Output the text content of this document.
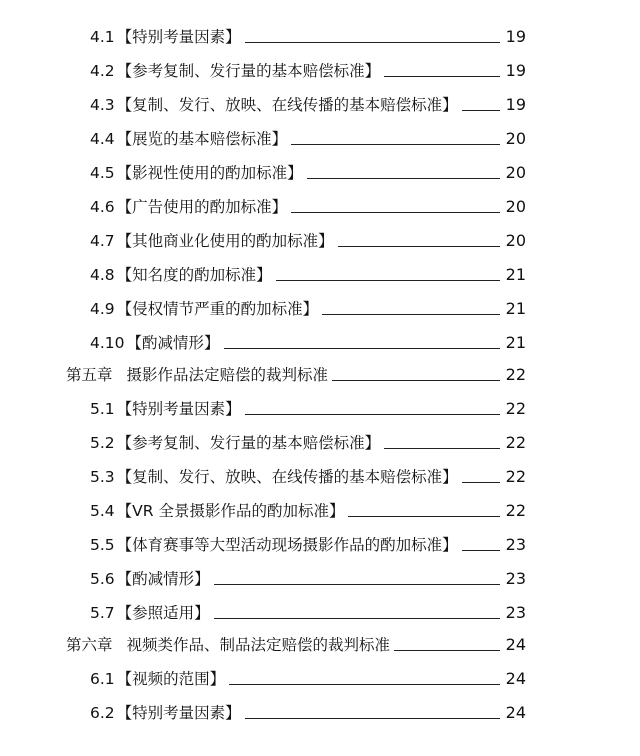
4.1 【特别考量因素】	19
4.2 【参考复制、发行量的基本赔偿标准】	19
4.3 【复制、发行、放映、在线传播的基本赔偿标准】	19
4.4 【展览的基本赔偿标准】	20
4.5 【影视性使用的酌加标准】	20
4.6 【广告使用的酌加标准】	20
4.7 【其他商业化使用的酌加标准】	20
4.8 【知名度的酌加标准】	21
4.9 【侵权情节严重的酌加标准】	21
4.10 【酌减情形】	21
第五章 摄影作品法定赔偿的裁判标准	22
5.1 【特别考量因素】	22
5.2 【参考复制、发行量的基本赔偿标准】	22
5.3 【复制、发行、放映、在线传播的基本赔偿标准】	22
5.4 【VR 全景摄影作品的酌加标准】	22
5.5 【体育赛事等大型活动现场摄影作品的酌加标准】	23
5.6 【酌减情形】	23
5.7 【参照适用】	23
第六章 视频类作品、制品法定赔偿的裁判标准	24
6.1 【视频的范围】	24
6.2 【特别考量因素】	24
